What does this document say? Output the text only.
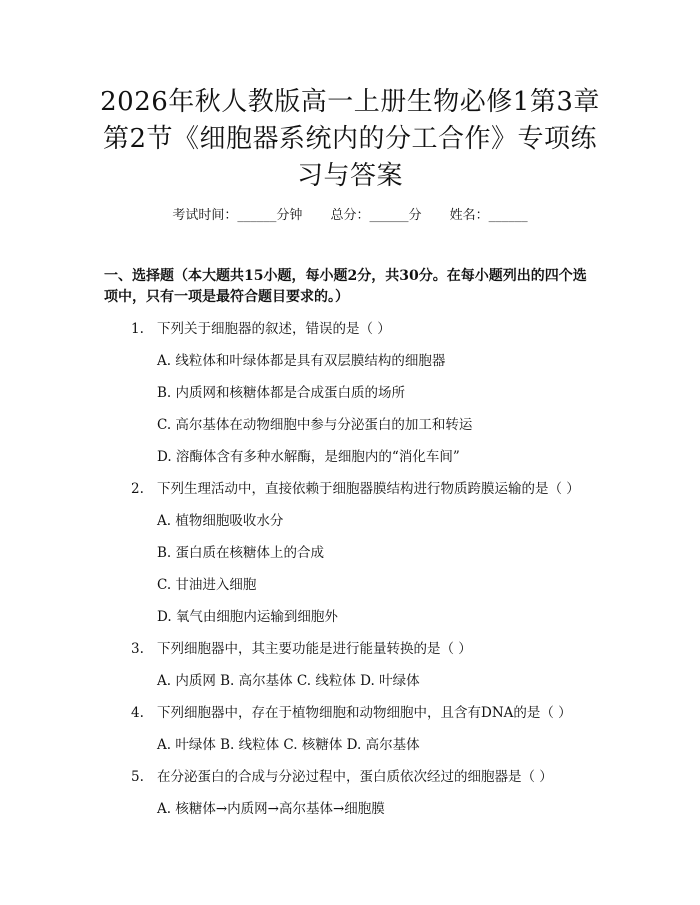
2026年秋人教版高一上册生物必修1第3章
第2节《细胞器系统内的分工合作》专项练
习与答案
考试时间：______分钟 总分：______分 姓名：______

一、选择题（本大题共15小题，每小题2分，共30分。在每小题列出的四个选项中，只有一项是最符合题目要求的。）

1. 下列关于细胞器的叙述，错误的是（ ）
A. 线粒体和叶绿体都是具有双层膜结构的细胞器
B. 内质网和核糖体都是合成蛋白质的场所
C. 高尔基体在动物细胞中参与分泌蛋白的加工和转运
D. 溶酶体含有多种水解酶，是细胞内的“消化车间”
2. 下列生理活动中，直接依赖于细胞器膜结构进行物质跨膜运输的是（ ）
A. 植物细胞吸收水分
B. 蛋白质在核糖体上的合成
C. 甘油进入细胞
D. 氧气由细胞内运输到细胞外
3. 下列细胞器中，其主要功能是进行能量转换的是（ ）
A. 内质网 B. 高尔基体 C. 线粒体 D. 叶绿体
4. 下列细胞器中，存在于植物细胞和动物细胞中，且含有DNA的是（ ）
A. 叶绿体 B. 线粒体 C. 核糖体 D. 高尔基体
5. 在分泌蛋白的合成与分泌过程中，蛋白质依次经过的细胞器是（ ）
A. 核糖体→内质网→高尔基体→细胞膜
